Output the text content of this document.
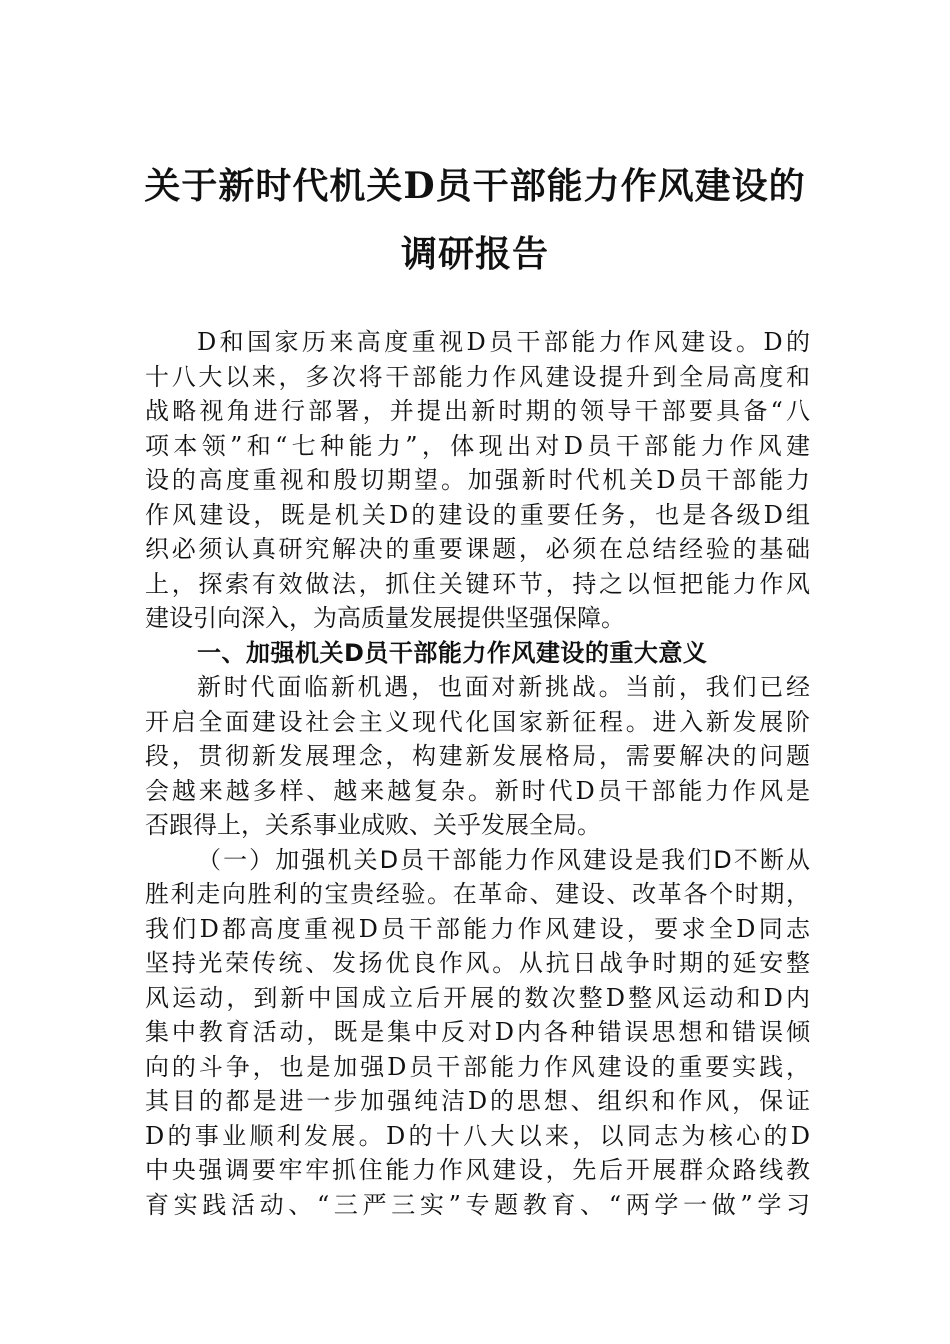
关于新时代机关D员干部能力作风建设的
调研报告
D和国家历来高度重视D员干部能力作风建设。D的
十八大以来，多次将干部能力作风建设提升到全局高度和
战略视角进行部署，并提出新时期的领导干部要具备“八
项本领”和“七种能力”，体现出对D员干部能力作风建
设的高度重视和殷切期望。加强新时代机关D员干部能力
作风建设，既是机关D的建设的重要任务，也是各级D组
织必须认真研究解决的重要课题，必须在总结经验的基础
上，探索有效做法，抓住关键环节，持之以恒把能力作风
建设引向深入，为高质量发展提供坚强保障。
一、加强机关D员干部能力作风建设的重大意义
新时代面临新机遇，也面对新挑战。当前，我们已经
开启全面建设社会主义现代化国家新征程。进入新发展阶
段，贯彻新发展理念，构建新发展格局，需要解决的问题
会越来越多样、越来越复杂。新时代D员干部能力作风是
否跟得上，关系事业成败、关乎发展全局。
（一）加强机关D员干部能力作风建设是我们D不断从
胜利走向胜利的宝贵经验。在革命、建设、改革各个时期，
我们D都高度重视D员干部能力作风建设，要求全D同志
坚持光荣传统、发扬优良作风。从抗日战争时期的延安整
风运动，到新中国成立后开展的数次整D整风运动和D内
集中教育活动，既是集中反对D内各种错误思想和错误倾
向的斗争，也是加强D员干部能力作风建设的重要实践，
其目的都是进一步加强纯洁D的思想、组织和作风，保证
D的事业顺利发展。D的十八大以来，以同志为核心的D
中央强调要牢牢抓住能力作风建设，先后开展群众路线教
育实践活动、“三严三实”专题教育、“两学一做”学习
